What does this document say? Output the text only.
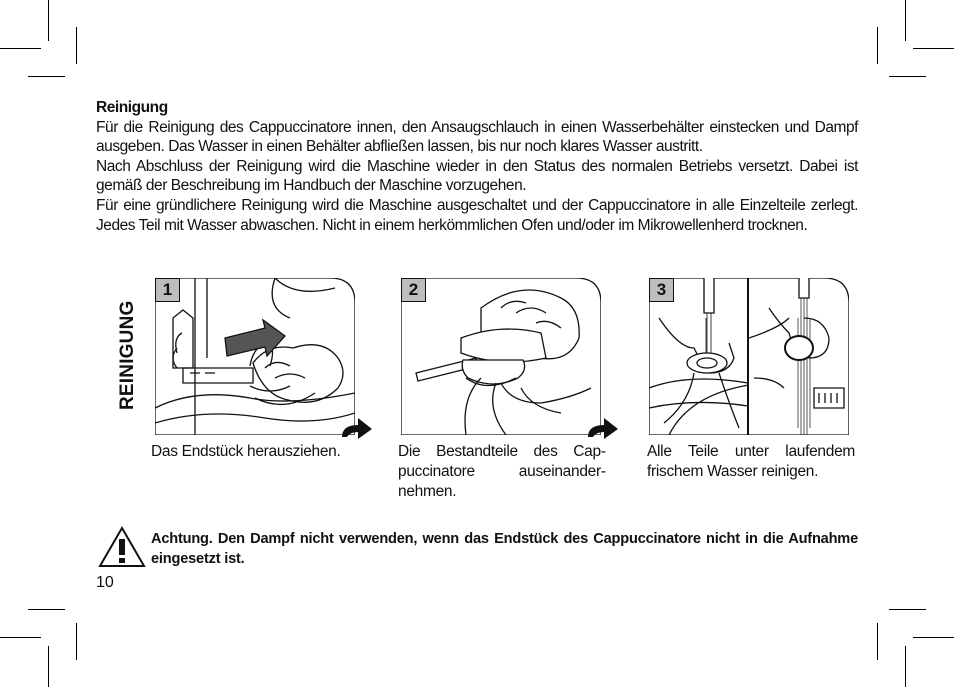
Reinigung

Für die Reinigung des Cappuccinatore innen, den Ansaugschlauch in einen Wasserbehälter einstecken und Dampf ausgeben. Das Wasser in einen Behälter abfließen lassen, bis nur noch klares Wasser austritt.

Nach Abschluss der Reinigung wird die Maschine wieder in den Status des normalen Betriebs versetzt. Dabei ist gemäß der Beschreibung im Handbuch der Maschine vorzugehen.

Für eine gründlichere Reinigung wird die Maschine ausgeschaltet und der Cappuccinatore in alle Einzelteile zerlegt. Jedes Teil mit Wasser abwaschen. Nicht in einem herkömmlichen Ofen und/oder im Mikrowellenherd trocknen.

REINIGUNG
1	2	3
Das Endstück herausziehen.	Die Bestandteile des Cappuccinatore auseinandernehmen.
Alle Teile unter laufendem frischem Wasser reinigen.
Achtung. Den Dampf nicht verwenden, wenn das Endstück des Cappuccinatore nicht in die Aufnahme eingesetzt ist.
10
